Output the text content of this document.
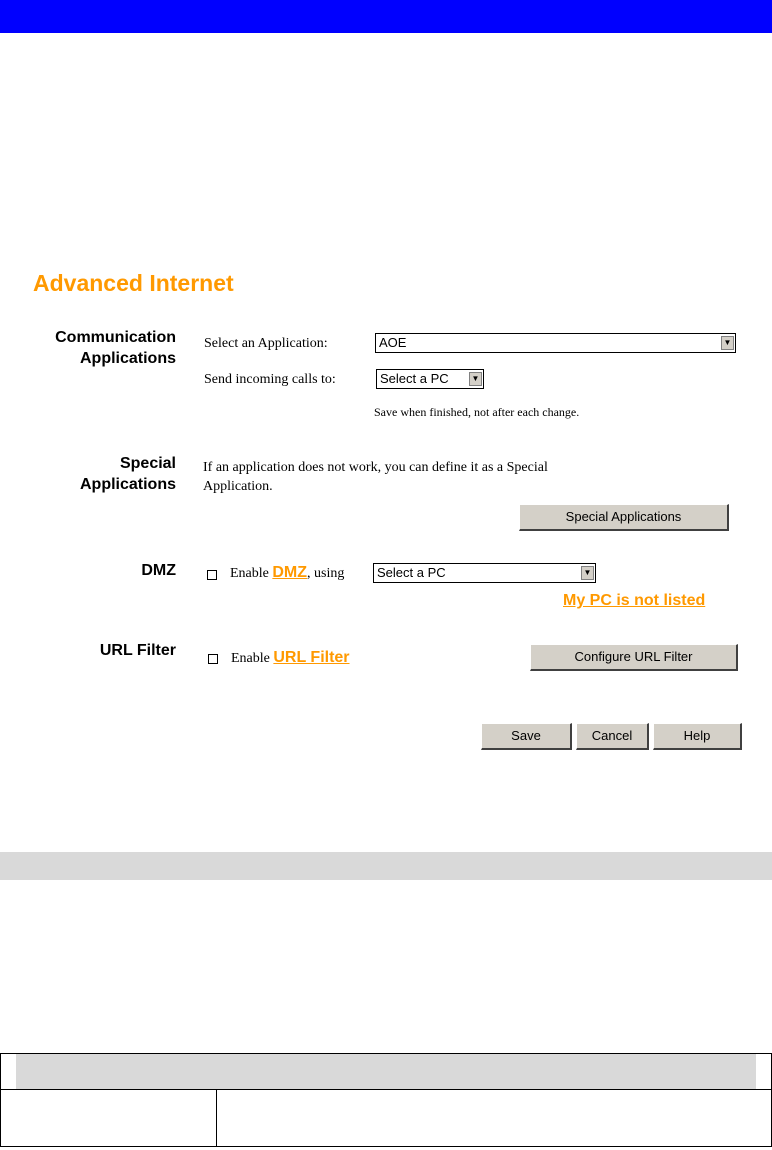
Advanced Internet
Communication
Applications
Select an Application:	AOE	▼
Send incoming calls to:	Select a PC	▼
Save when finished, not after each change.
Special
Applications
If an application does not work, you can define it as a Special
Application.
Special Applications
DMZ	Enable DMZ, using	Select a PC	▼
My PC is not listed
URL Filter	Enable URL Filter	Configure URL Filter
Save	Cancel	Help
